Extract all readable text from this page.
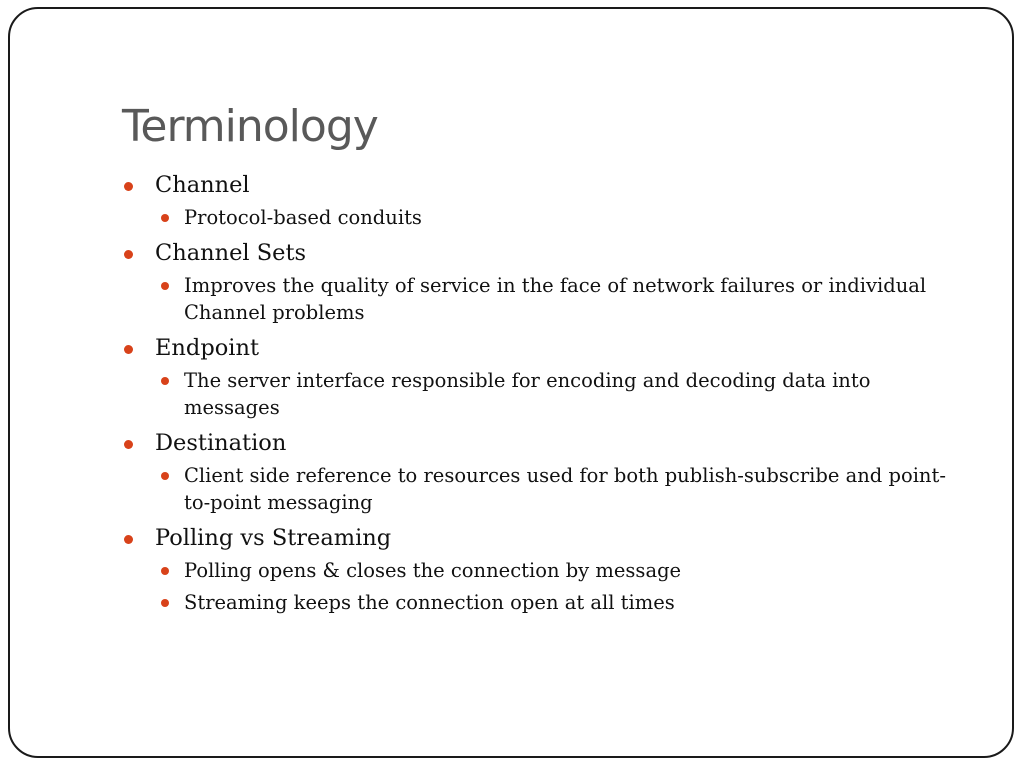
Terminology
Channel
Protocol-based conduits
Channel Sets
Improves the quality of service in the face of network failures or individual Channel problems
Endpoint
The server interface responsible for encoding and decoding data into messages
Destination
Client side reference to resources used for both publish-subscribe and point-to-point messaging
Polling vs Streaming
Polling opens & closes the connection by message
Streaming keeps the connection open at all times
